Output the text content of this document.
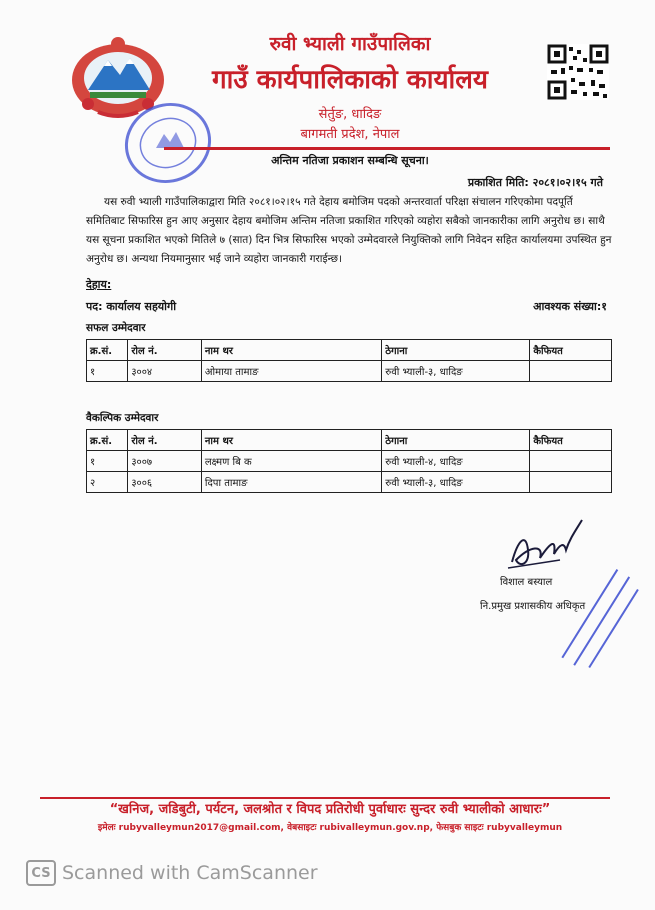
रुवी भ्याली गाउँपालिका
गाउँ कार्यपालिकाको कार्यालय
सेर्तुङ, धादिङ
बागमती प्रदेश, नेपाल
अन्तिम नतिजा प्रकाशन सम्बन्धि सूचना।
प्रकाशित मिति: २०८१।०२।१५ गते
यस रुवी भ्याली गाउँपालिकाद्वारा मिति २०८१।०२।१५ गते देहाय बमोजिम पदको अन्तरवार्ता परिक्षा संचालन गरिएकोमा पदपूर्ति समितिबाट सिफारिस हुन आए अनुसार देहाय बमोजिम अन्तिम नतिजा प्रकाशित गरिएको व्यहोरा सबैको जानकारीका लागि अनुरोध छ। साथै यस सूचना प्रकाशित भएको मितिले ७ (सात) दिन भित्र सिफारिस भएको उम्मेदवारले नियुक्तिको लागि निवेदन सहित कार्यालयमा उपस्थित हुन अनुरोध छ। अन्यथा नियमानुसार भई जाने व्यहोरा जानकारी गराईन्छ।
देहाय:
पद: कार्यालय सहयोगी	आवश्यक संख्या:१
सफल उम्मेदवार
क्र.सं.	रोल नं.	नाम थर	ठेगाना	कैफियत
१	३००४	ओमाया तामाङ	रुवी भ्याली-३, धादिङ	
वैकल्पिक उम्मेदवार
क्र.सं.	रोल नं.	नाम थर	ठेगाना	कैफियत
१	३००७	लक्ष्मण बि क	रुवी भ्याली-४, धादिङ	
२	३००६	दिपा तामाङ	रुवी भ्याली-३, धादिङ	
विशाल बस्याल
नि.प्रमुख प्रशासकीय अधिकृत
“खनिज, जडिबुटी, पर्यटन, जलश्रोत र विपद प्रतिरोधी पुर्वाधारः सुन्दर रुवी भ्यालीको आधारः”
इमेलः rubyvalleymun2017@gmail.com, वेबसाइटः rubivalleymun.gov.np, फेसबुक साइटः rubyvalleymun
CS Scanned with CamScanner
